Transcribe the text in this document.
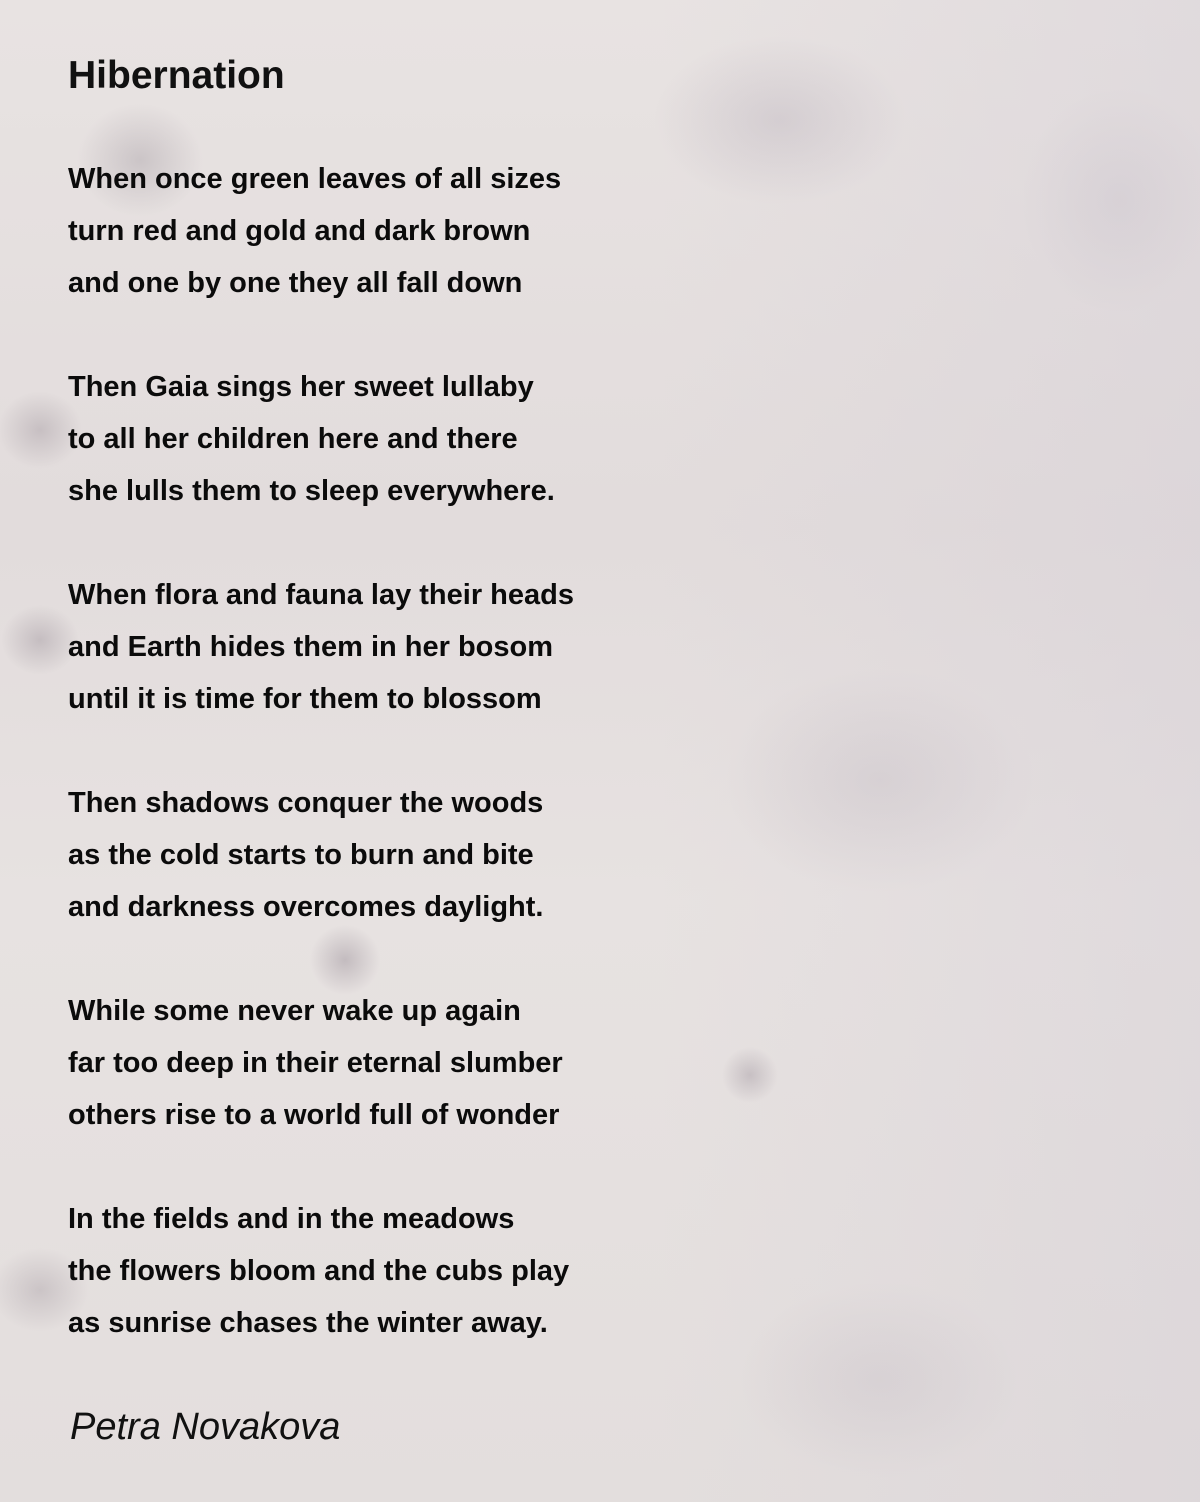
Hibernation
When once green leaves of all sizes
turn red and gold and dark brown
and one by one they all fall down
Then Gaia sings her sweet lullaby
to all her children here and there
she lulls them to sleep everywhere.
When flora and fauna lay their heads
and Earth hides them in her bosom
until it is time for them to blossom
Then shadows conquer the woods
as the cold starts to burn and bite
and darkness overcomes daylight.
While some never wake up again
far too deep in their eternal slumber
others rise to a world full of wonder
In the fields and in the meadows
the flowers bloom and the cubs play
as sunrise chases the winter away.
Petra Novakova
